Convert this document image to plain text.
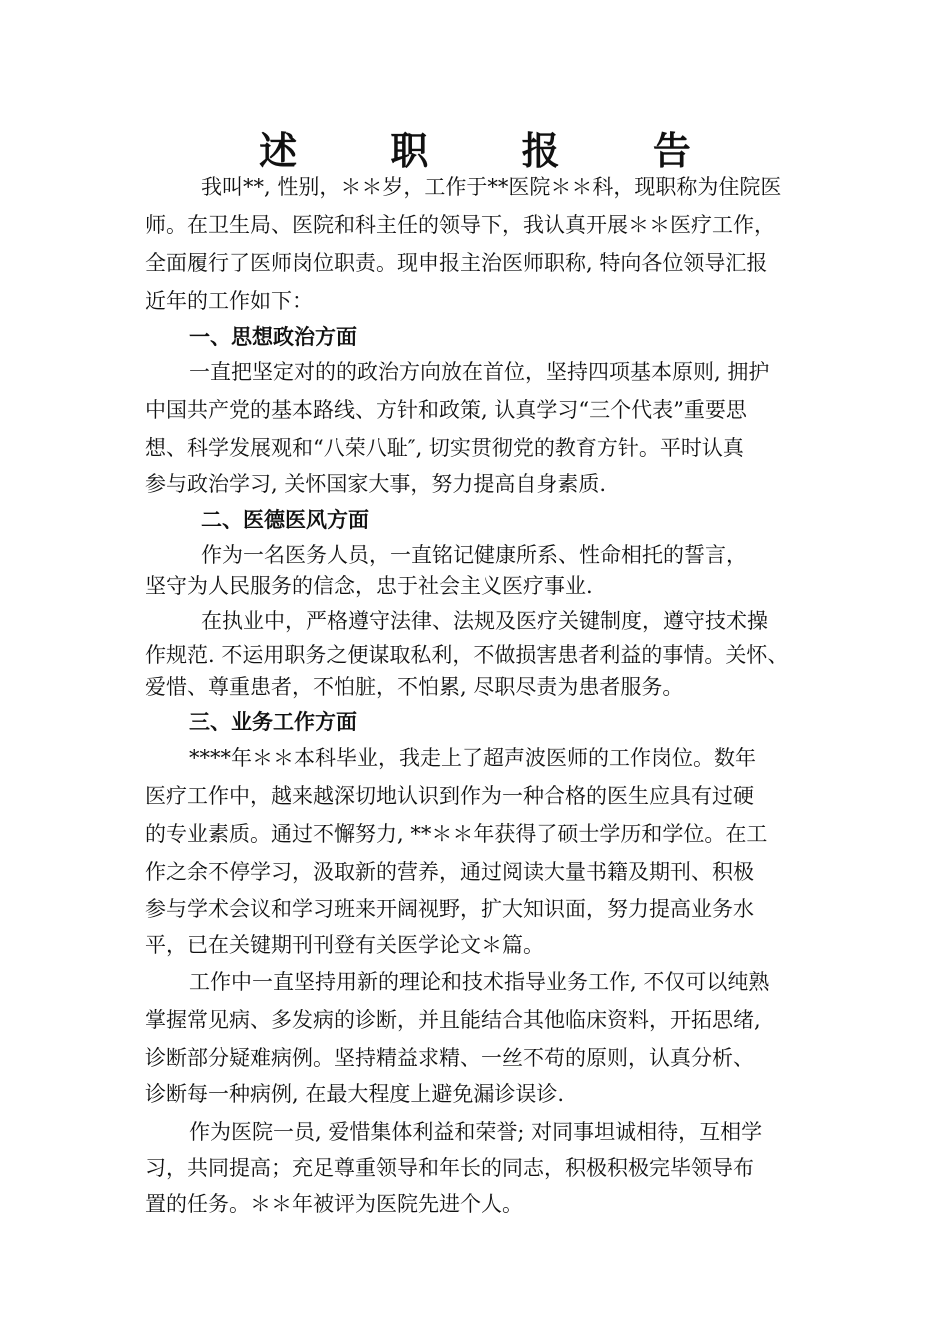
述 职 报 告
我叫**, 性别，＊＊岁，工作于**医院＊＊科，现职称为住院医
师。在卫生局、医院和科主任的领导下，我认真开展＊＊医疗工作，
全面履行了医师岗位职责。现申报主治医师职称, 特向各位领导汇报
近年的工作如下：
一、思想政治方面
一直把坚定对的的政治方向放在首位，坚持四项基本原则, 拥护
中国共产党的基本路线、方针和政策, 认真学习“三个代表”重要思
想、科学发展观和“八荣八耻″, 切实贯彻党的教育方针。平时认真
参与政治学习, 关怀国家大事，努力提高自身素质.
二、医德医风方面
作为一名医务人员，一直铭记健康所系、性命相托的誓言，
坚守为人民服务的信念，忠于社会主义医疗事业.
在执业中，严格遵守法律、法规及医疗关键制度，遵守技术操
作规范. 不运用职务之便谋取私利，不做损害患者利益的事情。关怀、
爱惜、尊重患者，不怕脏，不怕累, 尽职尽责为患者服务。
三、业务工作方面
****年＊＊本科毕业，我走上了超声波医师的工作岗位。数年
医疗工作中，越来越深切地认识到作为一种合格的医生应具有过硬
的专业素质。通过不懈努力, **＊＊年获得了硕士学历和学位。在工
作之余不停学习，汲取新的营养，通过阅读大量书籍及期刊、积极
参与学术会议和学习班来开阔视野，扩大知识面，努力提高业务水
平，已在关键期刊刊登有关医学论文＊篇。
工作中一直坚持用新的理论和技术指导业务工作, 不仅可以纯熟
掌握常见病、多发病的诊断，并且能结合其他临床资料，开拓思绪,
诊断部分疑难病例。坚持精益求精、一丝不苟的原则，认真分析、
诊断每一种病例, 在最大程度上避免漏诊误诊.
作为医院一员, 爱惜集体利益和荣誉; 对同事坦诚相待，互相学
习，共同提高；充足尊重领导和年长的同志，积极积极完毕领导布
置的任务。＊＊年被评为医院先进个人。
